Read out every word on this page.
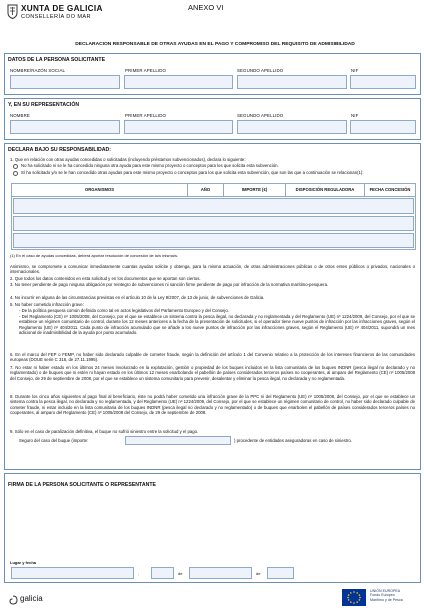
XUNTA DE GALICIA
CONSELLERÍA DO MAR
ANEXO VI
DECLARACION RESPONSABLE DE OTRAS AYUDAS EN EL PAGO Y COMPROMISO DEL REQUISITO DE ADMISIBILIDAD
DATOS DE LA PERSONA SOLICITANTE
NOMBRE/RAZÓN SOCIAL	PRIMER APELLIDO	SEGUNDO APELLIDO	NIF
Y, EN SU REPRESENTACIÓN
NOMBRE	PRIMER APELLIDO	SEGUNDO APELLIDO	NIF
DECLARA BAJO SU RESPONSABILIDAD:
1. Que en relación con otras ayudas concedidas o solicitadas (incluyendo préstamos subvencionados), declara lo siguiente:
No ha solicitado ni se le ha concedido ninguna otra ayuda para este mismo proyecto o conceptos para los que solicita esta subvención.
Sí ha solicitado y/o se le han concedido otras ayudas para este mismo proyecto o conceptos para los que solicita esta subvención, que son las que a continuación se relacionan(1):
ORGANISMOS	AÑO	IMPORTE (€)	DISPOSICIÓN REGULADORA	FECHA CONCESIÓN
(1) En el caso de ayudas concedidas, deberá aportar resolución de concesión de la/s misma/s.
Asimismo, se compromete a comunicar inmediatamente cuantas ayudas solicite y obtenga, para la misma actuación, de otras administraciones públicas o de otros entes públicos o privados, nacionales o internacionales.
2. Que todos los datos contenidos en esta solicitud y en los documentos que se aportan son ciertos.
3. No tener pendiente de pago ninguna obligación por reintegro de subvenciones ni sanción firme pendiente de pago por infracción de la normativa marítimo-pesquera.
4. No incurrir en alguna de las circunstancias previstas en el artículo 10 de la Ley 9/2007, de 13 de junio, de subvenciones de Galicia.
5. No haber cometido infracción grave:
- De la política pesquera común definida como tal en actos legislativos del Parlamento Europeo y del Consejo.
- Del Reglamento (CE) nº 1005/2008, del Consejo, por el que se establece un sistema contra la pesca ilegal, no declarada y no reglamentada y del Reglamento (UE) nº 1224/2009, del Consejo, por el que se establece un régimen comunitario de control, durante los 12 meses anteriores a la fecha de la presentación de solicitudes, si el operador tiene nueve puntos de infracción por las infracciones graves, según el Reglamento (UE) nº 404/2011. Cada punto de infracción acumulado que se añade a los nueve puntos de infracción por las infracciones graves, según el Reglamento (UE) nº 404/2011, supondrá un mes adicional de inadmisibilidad de la ayuda por punto acumulado.
6. En el marco del FEP o FEMP, no haber sido declarado culpable de cometer fraude, según la definición del artículo 1 del Convenio relativo a la protección de los intereses financieros de las comunidades europeas (DOUE serie C 316, de 27.11.1995).
7. No estar ni haber estado en los últimos 24 meses involucrado en la explotación, gestión o propiedad de los buques incluidos en la lista comunitaria de los buques INDNR (pesca ilegal no declarado y no reglamentado) o de buques que ni estén ni hayan estado en los últimos 12 meses enarbolando el pabellón de países considerados terceros países no cooperantes, al amparo del Reglamento (CE) nº 1005/2008 del Consejo, de 29 de septiembre de 2008, por el que se establece un sistema comunitario para prevenir, desalentar y eliminar la pesca ilegal, no declarada y no reglamentada.
8. Durante los cinco años siguientes al pago final al beneficiario, éste no podrá haber cometido una infracción grave de la PPC ni del Reglamento (UE) nº 1005/2008, del Consejo, por el que se establece un sistema contra la pesca ilegal, no declarada y no reglamentada, y del Reglamento (UE) nº 1224/2009, del Consejo, por el que se establece un régimen comunitario de control, no haber sido declarado culpable de cometer fraude, ni estar incluido en la lista comunitaria de los buques INDNR (pesca ilegal no declarado y no reglamentado) o de buques que enarbolen el pabellón de países considerados terceros países no cooperantes, al amparo del Reglamento (CE) nº 1005/2008 del Consejo, de 29 de septiembre de 2008.
9. Sólo en el caso de paralización definitiva, el buque no sufrió siniestro entre la solicitud y el pago.
Seguro del caso del buque (importe:	) procedente de entidades aseguradoras en caso de siniestro.
FIRMA DE LA PERSONA SOLICITANTE O REPRESENTANTE
Lugar y fecha
,	de	de
galicia
UNIÓN EUROPEA
Fondo Europeo
Marítimo y de Pesca
